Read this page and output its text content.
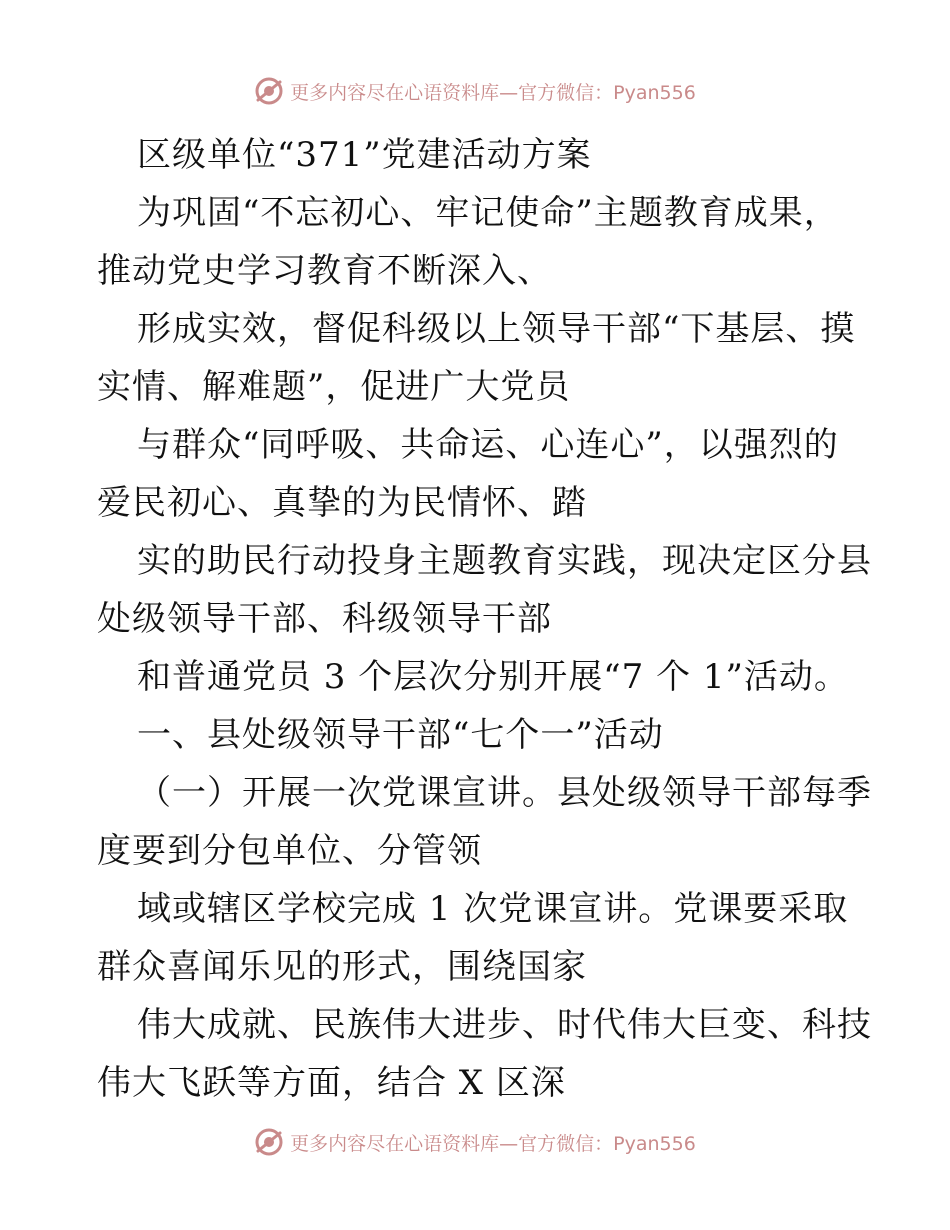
更多内容尽在心语资料库—官方微信：Pyan556
区级单位“371”党建活动方案
为巩固“不忘初心、牢记使命”主题教育成果，
推动党史学习教育不断深入、
形成实效，督促科级以上领导干部“下基层、摸
实情、解难题”，促进广大党员
与群众“同呼吸、共命运、心连心”，以强烈的
爱民初心、真挚的为民情怀、踏
实的助民行动投身主题教育实践，现决定区分县
处级领导干部、科级领导干部
和普通党员 3 个层次分别开展“7 个 1”活动。
一、县处级领导干部“七个一”活动
（一）开展一次党课宣讲。县处级领导干部每季
度要到分包单位、分管领
域或辖区学校完成 1 次党课宣讲。党课要采取
群众喜闻乐见的形式，围绕国家
伟大成就、民族伟大进步、时代伟大巨变、科技
伟大飞跃等方面，结合 X 区深
更多内容尽在心语资料库—官方微信：Pyan556
